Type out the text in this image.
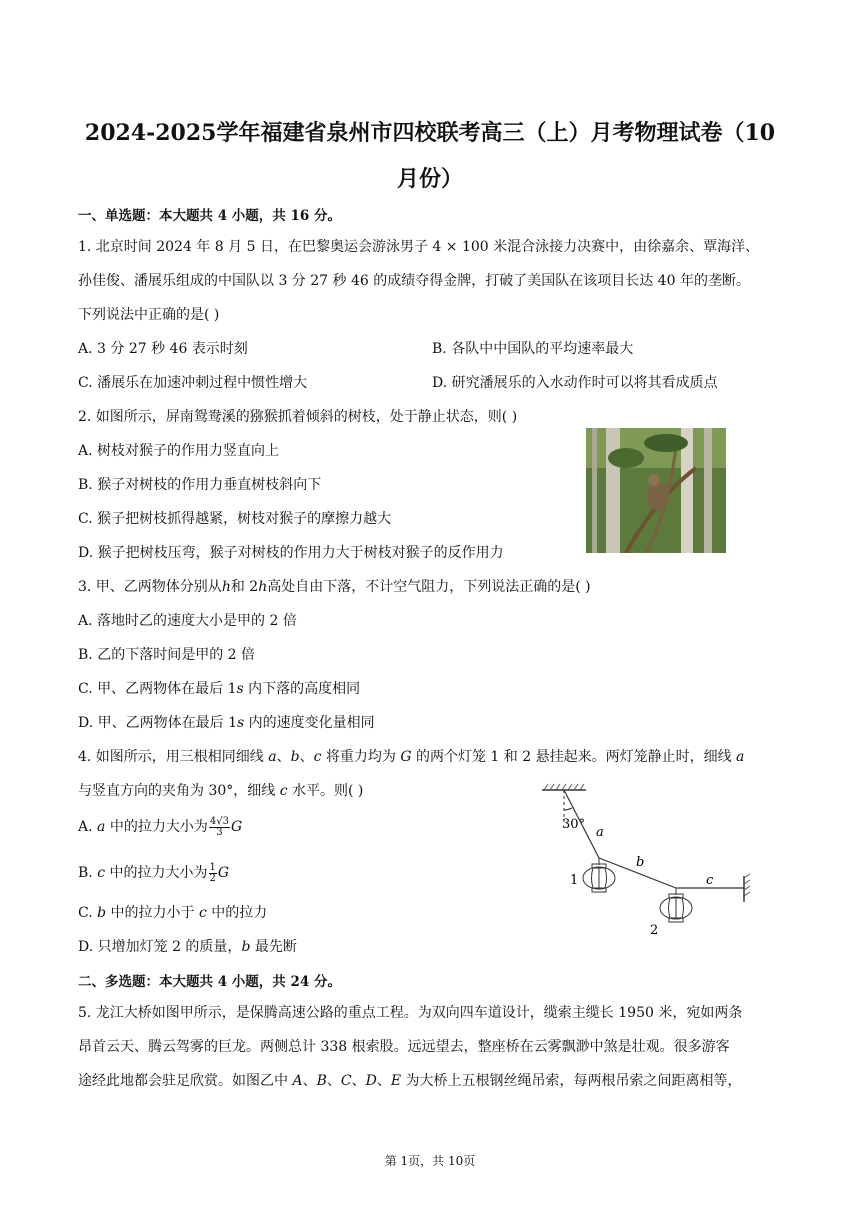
2024-2025学年福建省泉州市四校联考高三（上）月考物理试卷（10
月份）
一、单选题：本大题共 4 小题，共 16 分。
1. 北京时间 2024 年 8 月 5 日，在巴黎奥运会游泳男子 4 × 100 米混合泳接力决赛中，由徐嘉余、覃海洋、
孙佳俊、潘展乐组成的中国队以 3 分 27 秒 46 的成绩夺得金牌，打破了美国队在该项目长达 40 年的垄断。
下列说法中正确的是( )
A. 3 分 27 秒 46 表示时刻	B. 各队中中国队的平均速率最大
C. 潘展乐在加速冲刺过程中惯性增大	D. 研究潘展乐的入水动作时可以将其看成质点
2. 如图所示，屏南鸳鸯溪的猕猴抓着倾斜的树枝，处于静止状态，则( )
A. 树枝对猴子的作用力竖直向上
B. 猴子对树枝的作用力垂直树枝斜向下
C. 猴子把树枝抓得越紧，树枝对猴子的摩擦力越大
D. 猴子把树枝压弯，猴子对树枝的作用力大于树枝对猴子的反作用力
3. 甲、乙两物体分别从h和 2h高处自由下落，不计空气阻力，下列说法正确的是( )
A. 落地时乙的速度大小是甲的 2 倍
B. 乙的下落时间是甲的 2 倍
C. 甲、乙两物体在最后 1s 内下落的高度相同
D. 甲、乙两物体在最后 1s 内的速度变化量相同
4. 如图所示，用三根相同细线 a、b、c 将重力均为 G 的两个灯笼 1 和 2 悬挂起来。两灯笼静止时，细线 a
与竖直方向的夹角为 30°，细线 c 水平。则( )
A. a 中的拉力大小为 $\frac{4√3}{3}$ G
B. c 中的拉力大小为 $\frac{1}{2}$ G
C. b 中的拉力小于 c 中的拉力
D. 只增加灯笼 2 的质量，b 最先断
30°
a
b
c
1
2
二、多选题：本大题共 4 小题，共 24 分。
5. 龙江大桥如图甲所示，是保腾高速公路的重点工程。为双向四车道设计，缆索主缆长 1950 米，宛如两条
昂首云天、腾云驾雾的巨龙。两侧总计 338 根索股。远远望去，整座桥在云雾飘渺中煞是壮观。很多游客
途经此地都会驻足欣赏。如图乙中 A、B、C、D、E 为大桥上五根钢丝绳吊索，每两根吊索之间距离相等，
第 1页，共 10页
